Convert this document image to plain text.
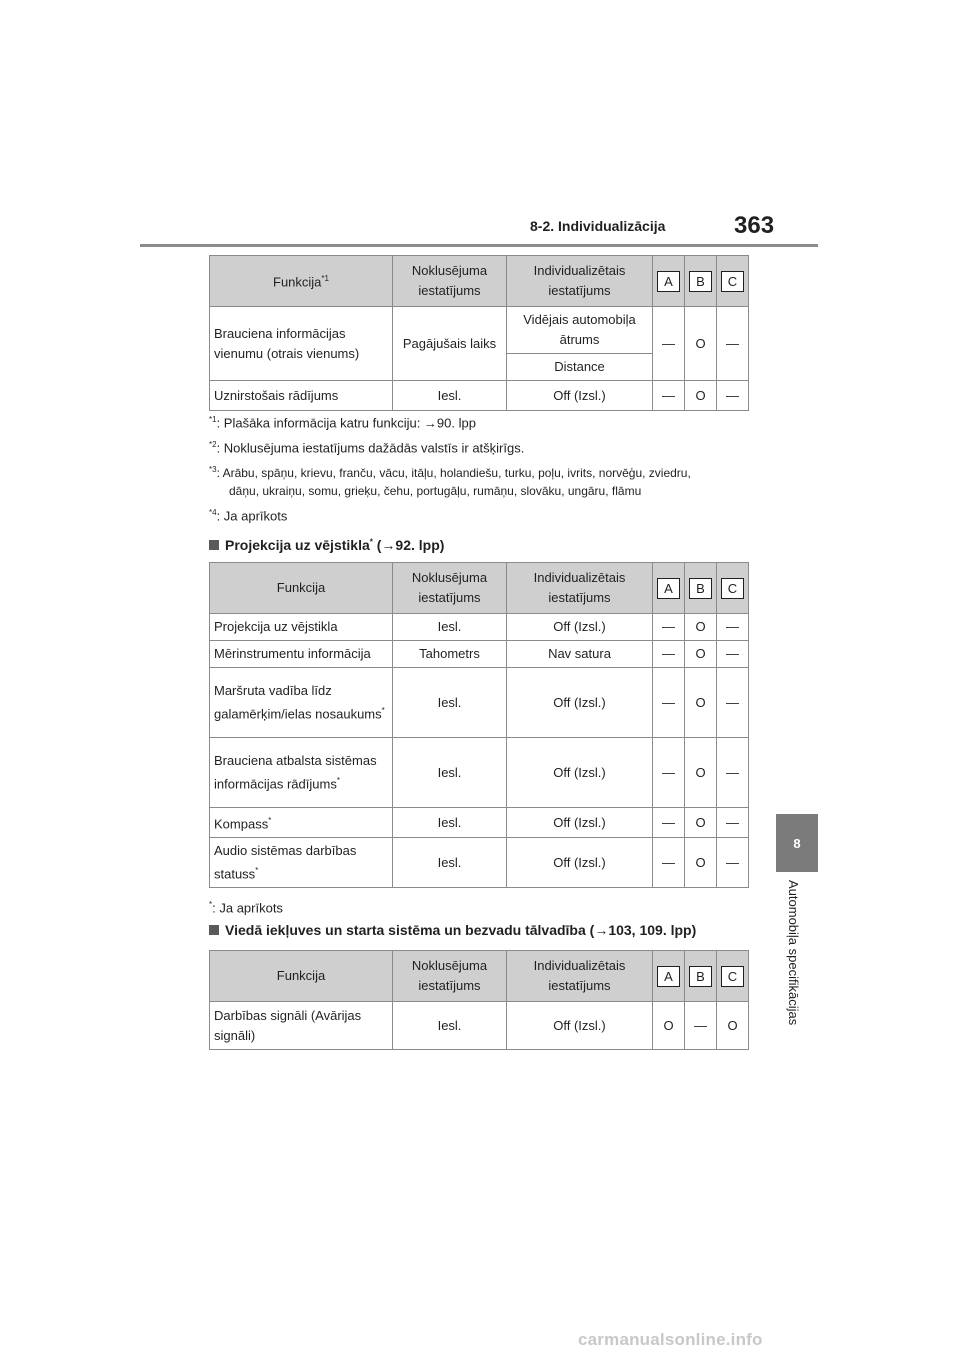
8-2. Individualizācija	363
8
Automobiļa specifikācijas
Funkcija$^{*1}$	Noklusējuma iestatījums	Individualizētais iestatījums	A	B	C
Brauciena informācijas vienumu (otrais vienums)	Pagājušais laiks	Vidējais automobiļa ātrums	—	O	—
		Distance			
Uznirstošais rādījums	Iesl.	Off (Izsl.)	—	O	—
$^{*1}$: Plašāka informācija katru funkciju: →90. lpp
$^{*2}$: Noklusējuma iestatījums dažādās valstīs ir atšķirīgs.
$^{*3}$: Arābu, spāņu, krievu, franču, vācu, itāļu, holandiešu, turku, poļu, ivrits, norvēģu, zviedru,
dāņu, ukraiņu, somu, grieķu, čehu, portugāļu, rumāņu, slovāku, ungāru, flāmu
$^{*4}$: Ja aprīkots
Projekcija uz vējstikla* (→92. lpp)
Funkcija	Noklusējuma iestatījums	Individualizētais iestatījums	A	B	C
Projekcija uz vējstikla	Iesl.	Off (Izsl.)	—	O	—
Mērinstrumentu informācija	Tahometrs	Nav satura	—	O	—
Maršruta vadība līdz galamērķim/ielas nosaukums*	Iesl.	Off (Izsl.)	—	O	—
Brauciena atbalsta sistēmas informācijas rādījums*	Iesl.	Off (Izsl.)	—	O	—
Kompass*	Iesl.	Off (Izsl.)	—	O	—
Audio sistēmas darbības statuss*	Iesl.	Off (Izsl.)	—	O	—
*: Ja aprīkots
Viedā iekļuves un starta sistēma un bezvadu tālvadība (→103, 109. lpp)
Funkcija	Noklusējuma iestatījums	Individualizētais iestatījums	A	B	C
Darbības signāli (Avārijas signāli)	Iesl.	Off (Izsl.)	O	—	O
carmanualsonline.info
